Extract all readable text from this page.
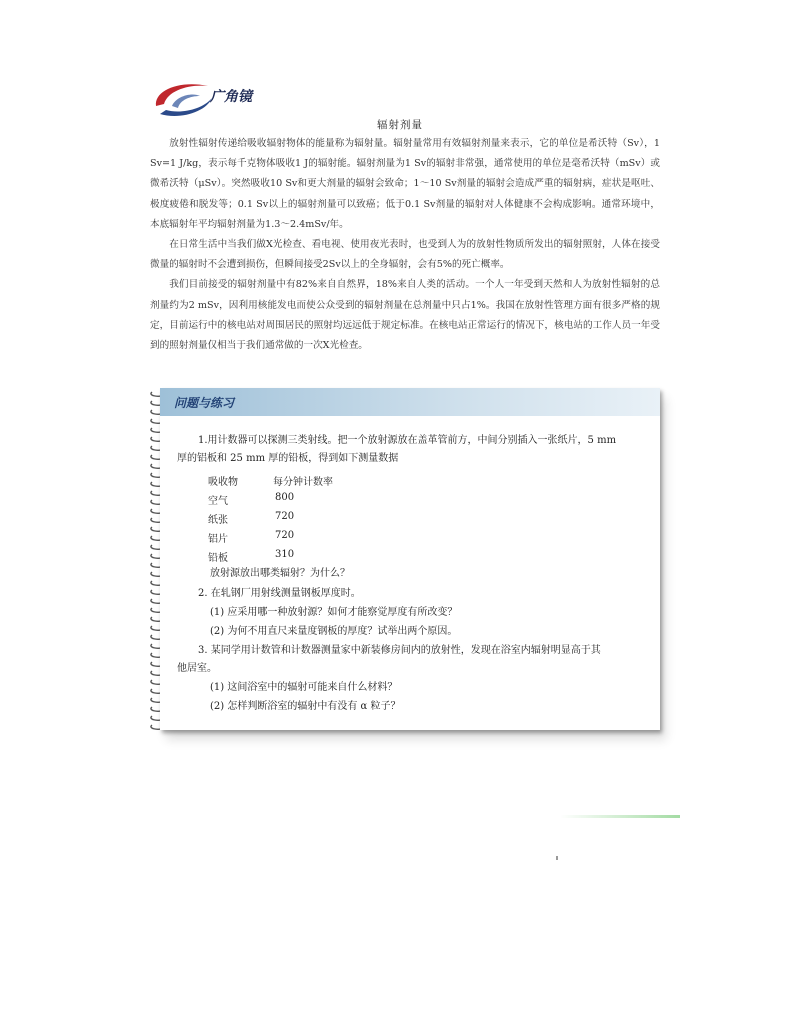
广角镜
辐射剂量

放射性辐射传递给吸收辐射物体的能量称为辐射量。辐射量常用有效辐射剂量来表示，它的单位是希沃特（Sv），1 Sv=1 J/kg，表示每千克物体吸收1 J的辐射能。辐射剂量为1 Sv的辐射非常强，通常使用的单位是毫希沃特（mSv）或微希沃特（μSv）。突然吸收10 Sv和更大剂量的辐射会致命；1～10 Sv剂量的辐射会造成严重的辐射病，症状是呕吐、极度疲倦和脱发等；0.1 Sv以上的辐射剂量可以致癌；低于0.1 Sv剂量的辐射对人体健康不会构成影响。通常环境中，本底辐射年平均辐射剂量为1.3～2.4mSv/年。

在日常生活中当我们做X光检查、看电视、使用夜光表时，也受到人为的放射性物质所发出的辐射照射，人体在接受微量的辐射时不会遭到损伤，但瞬间接受2Sv以上的全身辐射，会有5%的死亡概率。

我们目前接受的辐射剂量中有82%来自自然界，18%来自人类的活动。一个人一年受到天然和人为放射性辐射的总剂量约为2 mSv，因利用核能发电而使公众受到的辐射剂量在总剂量中只占1%。我国在放射性管理方面有很多严格的规定，目前运行中的核电站对周围居民的照射均远远低于规定标准。在核电站正常运行的情况下，核电站的工作人员一年受到的照射剂量仅相当于我们通常做的一次X光检查。

问题与练习
1.用计数器可以探测三类射线。把一个放射源放在盖革管前方，中间分别插入一张纸片，5 mm
厚的铝板和 25 mm 厚的铅板，得到如下测量数据
吸收物	每分钟计数率
空气	800
纸张	720
铝片	720
铅板	310
放射源放出哪类辐射？为什么？
2. 在轧钢厂用射线测量钢板厚度时。
(1) 应采用哪一种放射源？如何才能察觉厚度有所改变？
(2) 为何不用直尺来量度钢板的厚度？试举出两个原因。
3. 某同学用计数管和计数器测量家中新装修房间内的放射性，发现在浴室内辐射明显高于其
他居室。
(1) 这间浴室中的辐射可能来自什么材料？
(2) 怎样判断浴室的辐射中有没有 α 粒子？
